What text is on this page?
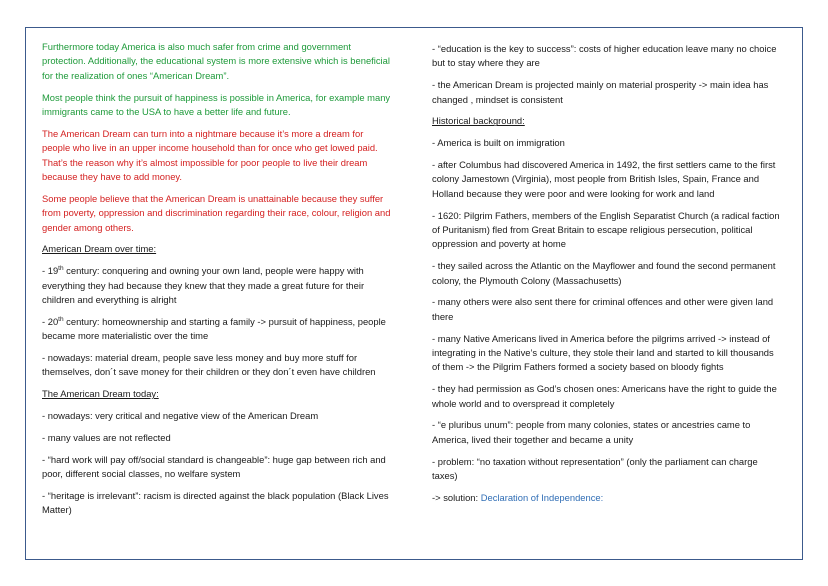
Furthermore today America is also much safer from crime and government protection. Additionally, the educational system is more extensive which is beneficial for the realization of ones “American Dream”.

Most people think the pursuit of happiness is possible in America, for example many immigrants came to the USA to have a better life and future.

The American Dream can turn into a nightmare because it’s more a dream for people who live in an upper income household than for once who get lowed paid. That’s the reason why it’s almost impossible for poor people to live their dream because they have to add money.

Some people believe that the American Dream is unattainable because they suffer from poverty, oppression and discrimination regarding their race, colour, religion and gender among others.

American Dream over time:

- 19th century: conquering and owning your own land, people were happy with everything they had because they knew that they made a great future for their children and everything is alright

- 20th century: homeownership and starting a family -> pursuit of happiness, people became more materialistic over the time

- nowadays: material dream, people save less money and buy more stuff for themselves, don´t save money for their children or they don´t even have children

The American Dream today:

- nowadays: very critical and negative view of the American Dream

- many values are not reflected

- “hard work will pay off/social standard is changeable”: huge gap between rich and poor, different social classes, no welfare system

- “heritage is irrelevant”: racism is directed against the black population (Black Lives Matter)

- “education is the key to success”: costs of higher education leave many no choice but to stay where they are

- the American Dream is projected mainly on material prosperity -> main idea has changed , mindset is consistent

Historical background:

- America is built on immigration

- after Columbus had discovered America in 1492, the first settlers came to the first colony Jamestown (Virginia), most people from British Isles, Spain, France and Holland because they were poor and were looking for work and land

- 1620: Pilgrim Fathers, members of the English Separatist Church (a radical faction of Puritanism) fled from Great Britain to escape religious persecution, political oppression and poverty at home

- they sailed across the Atlantic on the Mayflower and found the second permanent colony, the Plymouth Colony (Massachusetts)

- many others were also sent there for criminal offences and other were given land there

- many Native Americans lived in America before the pilgrims arrived -> instead of integrating in the Native’s culture, they stole their land and started to kill thousands of them -> the Pilgrim Fathers formed a society based on bloody fights

- they had permission as God’s chosen ones: Americans have the right to guide the whole world and to overspread it completely

- “e pluribus unum”: people from many colonies, states or ancestries came to America, lived their together and became a unity

- problem: “no taxation without representation” (only the parliament can charge taxes)

-> solution: Declaration of Independence:
